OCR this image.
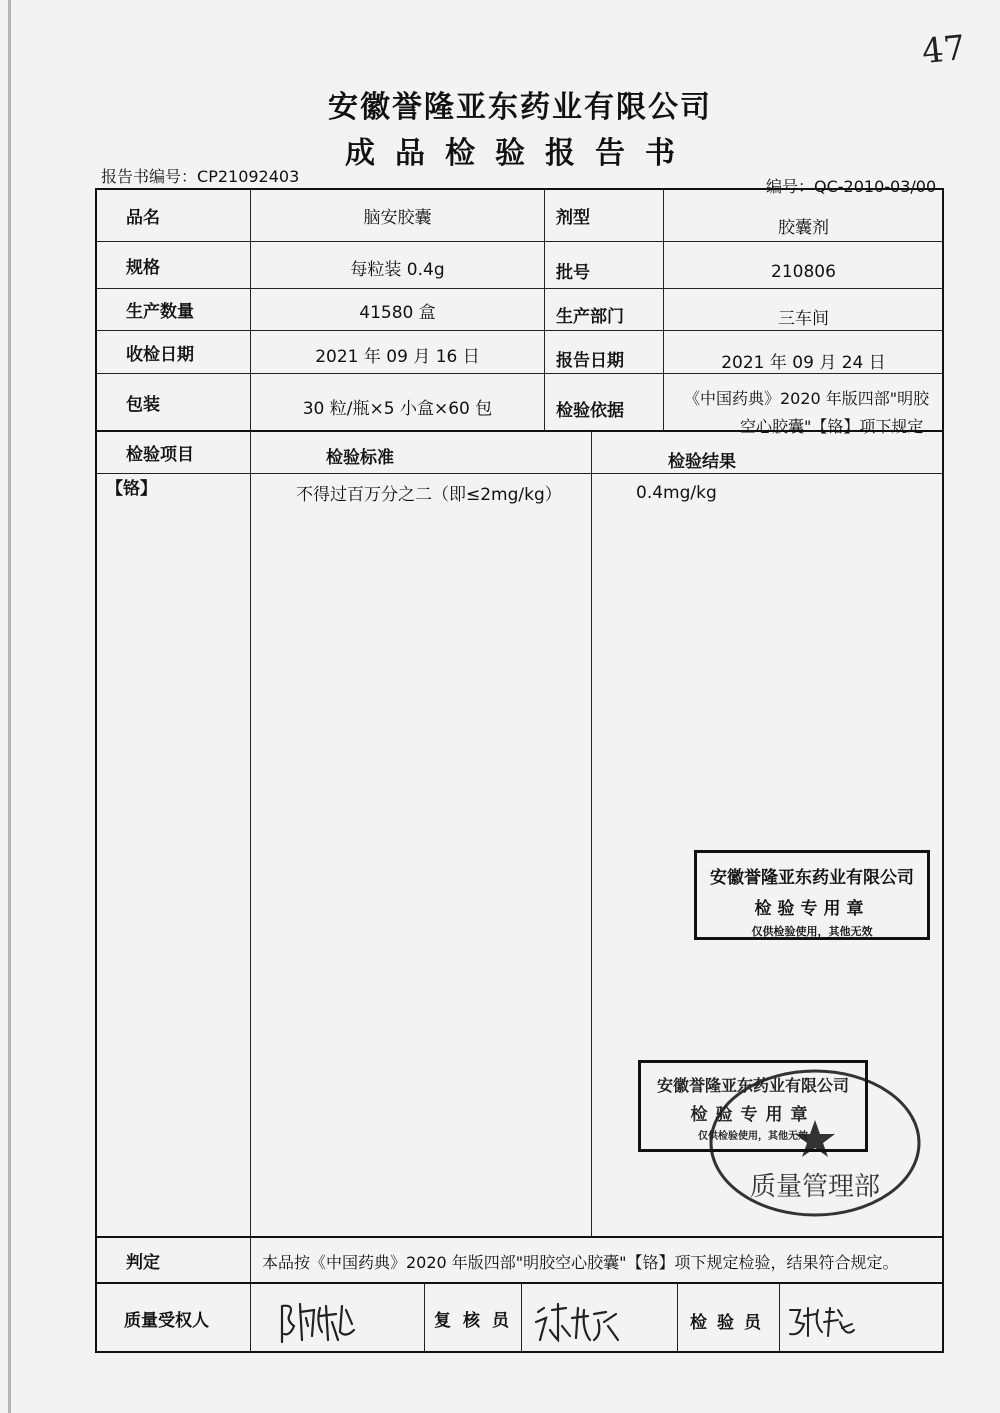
47
安徽誉隆亚东药业有限公司
成品检验报告书
报告书编号：CP21092403
编号：QC-2010-03/00
品名	脑安胶囊	剂型	胶囊剂
规格	每粒装 0.4g	批号	210806
生产数量	41580 盒	生产部门	三车间
收检日期	2021 年 09 月 16 日	报告日期	2021 年 09 月 24 日
包装	30 粒/瓶×5 小盒×60 包	检验依据
《中国药典》2020 年版四部"明胶
空心胶囊"【铬】项下规定
检验项目	检验标准	检验结果
【铬】	不得过百万分之二（即≤2mg/kg）	0.4mg/kg
安徽誉隆亚东药业有限公司
检验专用章
仅供检验使用，其他无效
安徽誉隆亚东药业有限公司
检验专用章
仅供检验使用，其他无效
质量管理部
判定	本品按《中国药典》2020 年版四部"明胶空心胶囊"【铬】项下规定检验，结果符合规定。
质量受权人	复核员	检验员
